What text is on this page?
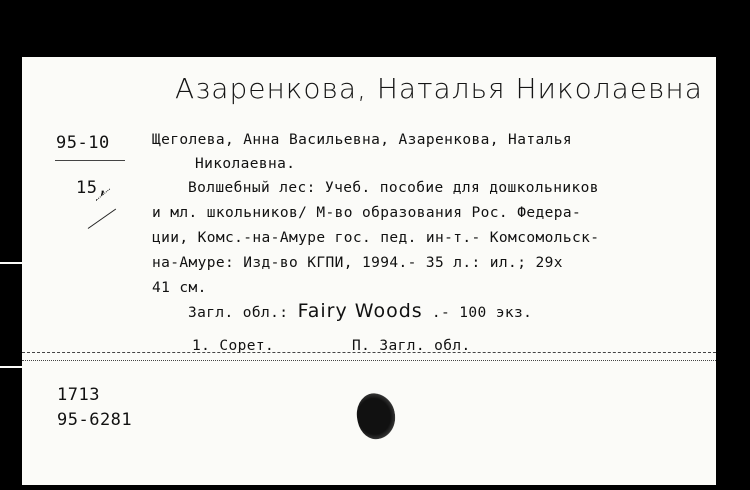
Азаренкова, Наталья Николаевна
95-10
15,
Щеголева, Анна Васильевна, Азаренкова, Наталья
Николаевна.
Волшебный лес: Учеб. пособие для дошкольников
и мл. школьников/ М-во образования Рос. Федера-
ции, Комс.-на-Амуре гос. пед. ин-т.- Комсомольск-
на-Амуре: Изд-во КГПИ, 1994.- 35 л.: ил.; 29х
41 см.
Загл. обл.: Fairy Woods .- 100 экз.
1. Сорет.	П. Загл. обл.
1713
95-6281
